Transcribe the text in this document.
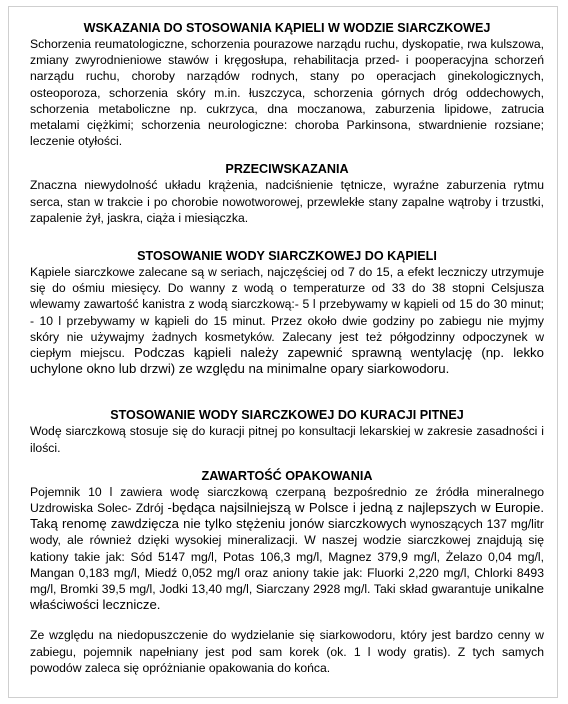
WSKAZANIA DO STOSOWANIA KĄPIELI W WODZIE SIARCZKOWEJ

Schorzenia reumatologiczne, schorzenia pourazowe narządu ruchu, dyskopatie, rwa kulszowa, zmiany zwyrodnieniowe stawów i kręgosłupa, rehabilitacja przed- i pooperacyjna schorzeń narządu ruchu, choroby narządów rodnych, stany po operacjach ginekologicznych, osteoporoza, schorzenia skóry m.in. łuszczyca, schorzenia górnych dróg oddechowych, schorzenia metaboliczne np. cukrzyca, dna moczanowa, zaburzenia lipidowe, zatrucia metalami ciężkimi; schorzenia neurologiczne: choroba Parkinsona, stwardnienie rozsiane; leczenie otyłości.

PRZECIWSKAZANIA

Znaczna niewydolność układu krążenia, nadciśnienie tętnicze, wyraźne zaburzenia rytmu serca, stan w trakcie i po chorobie nowotworowej, przewlekłe stany zapalne wątroby i trzustki, zapalenie żył, jaskra, ciąża i miesiączka.

STOSOWANIE WODY SIARCZKOWEJ DO KĄPIELI

Kąpiele siarczkowe zalecane są w seriach, najczęściej od 7 do 15, a efekt leczniczy utrzymuje się do ośmiu miesięcy. Do wanny z wodą o temperaturze od 33 do 38 stopni Celsjusza wlewamy zawartość kanistra z wodą siarczkową:- 5 l przebywamy w kąpieli od 15 do 30 minut; - 10 l przebywamy w kąpieli do 15 minut. Przez około dwie godziny po zabiegu nie myjmy skóry nie używajmy żadnych kosmetyków. Zalecany jest też półgodzinny odpoczynek w ciepłym miejscu. Podczas kąpieli należy zapewnić sprawną wentylację (np. lekko uchylone okno lub drzwi) ze względu na minimalne opary siarkowodoru.

STOSOWANIE WODY SIARCZKOWEJ DO KURACJI PITNEJ

Wodę siarczkową stosuje się do kuracji pitnej po konsultacji lekarskiej w zakresie zasadności i ilości.

ZAWARTOŚĆ OPAKOWANIA

Pojemnik 10 l zawiera wodę siarczkową czerpaną bezpośrednio ze źródła mineralnego Uzdrowiska Solec- Zdrój -będąca najsilniejszą w Polsce i jedną z najlepszych w Europie. Taką renomę zawdzięcza nie tylko stężeniu jonów siarczkowych wynoszących 137 mg/litr wody, ale również dzięki wysokiej mineralizacji. W naszej wodzie siarczkowej znajdują się kationy takie jak: Sód 5147 mg/l, Potas 106,3 mg/l, Magnez 379,9 mg/l, Żelazo 0,04 mg/l, Mangan 0,183 mg/l, Miedź 0,052 mg/l oraz aniony takie jak: Fluorki 2,220 mg/l, Chlorki 8493 mg/l, Bromki 39,5 mg/l, Jodki 13,40 mg/l, Siarczany 2928 mg/l. Taki skład gwarantuje unikalne właściwości lecznicze.

Ze względu na niedopuszczenie do wydzielanie się siarkowodoru, który jest bardzo cenny w zabiegu, pojemnik napełniany jest pod sam korek (ok. 1 l wody gratis). Z tych samych powodów zaleca się opróżnianie opakowania do końca.
